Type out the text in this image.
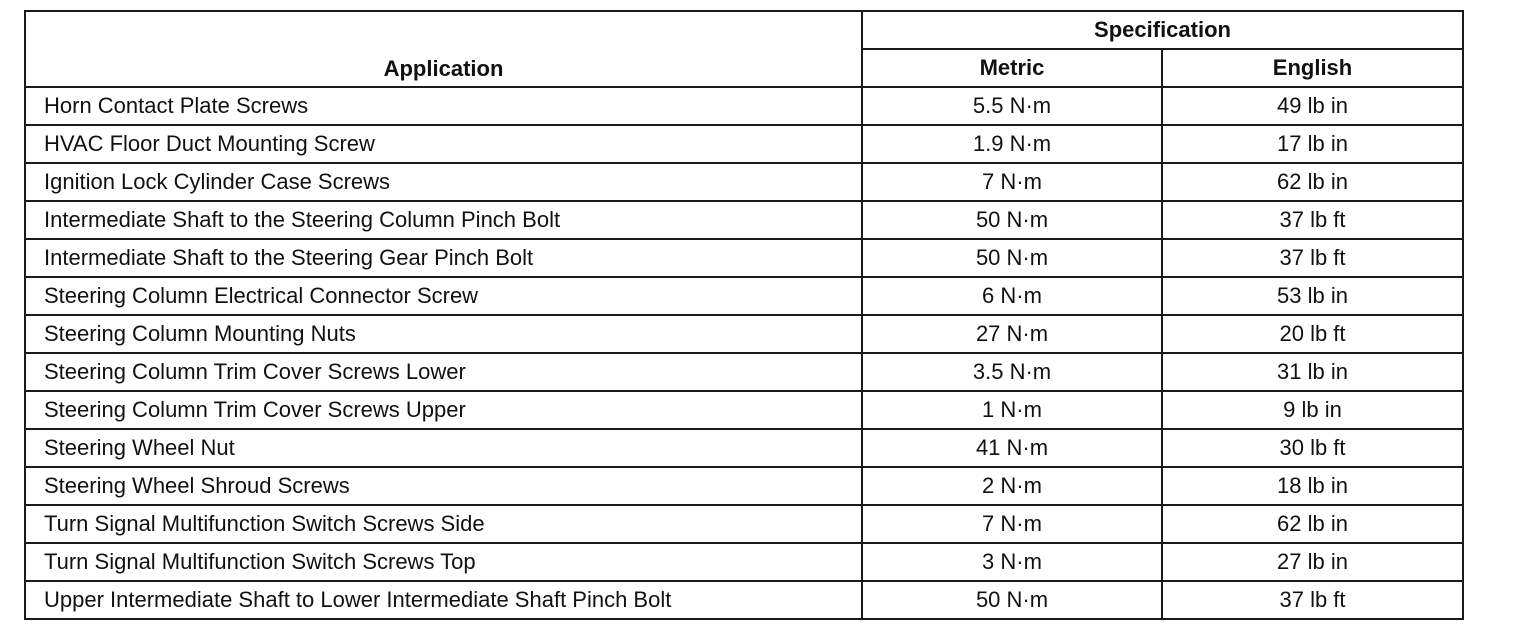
Application	Specification	
	Metric	English
Horn Contact Plate Screws	5.5 N·m	49 lb in
HVAC Floor Duct Mounting Screw	1.9 N·m	17 lb in
Ignition Lock Cylinder Case Screws	7 N·m	62 lb in
Intermediate Shaft to the Steering Column Pinch Bolt	50 N·m	37 lb ft
Intermediate Shaft to the Steering Gear Pinch Bolt	50 N·m	37 lb ft
Steering Column Electrical Connector Screw	6 N·m	53 lb in
Steering Column Mounting Nuts	27 N·m	20 lb ft
Steering Column Trim Cover Screws Lower	3.5 N·m	31 lb in
Steering Column Trim Cover Screws Upper	1 N·m	9 lb in
Steering Wheel Nut	41 N·m	30 lb ft
Steering Wheel Shroud Screws	2 N·m	18 lb in
Turn Signal Multifunction Switch Screws Side	7 N·m	62 lb in
Turn Signal Multifunction Switch Screws Top	3 N·m	27 lb in
Upper Intermediate Shaft to Lower Intermediate Shaft Pinch Bolt	50 N·m	37 lb ft
